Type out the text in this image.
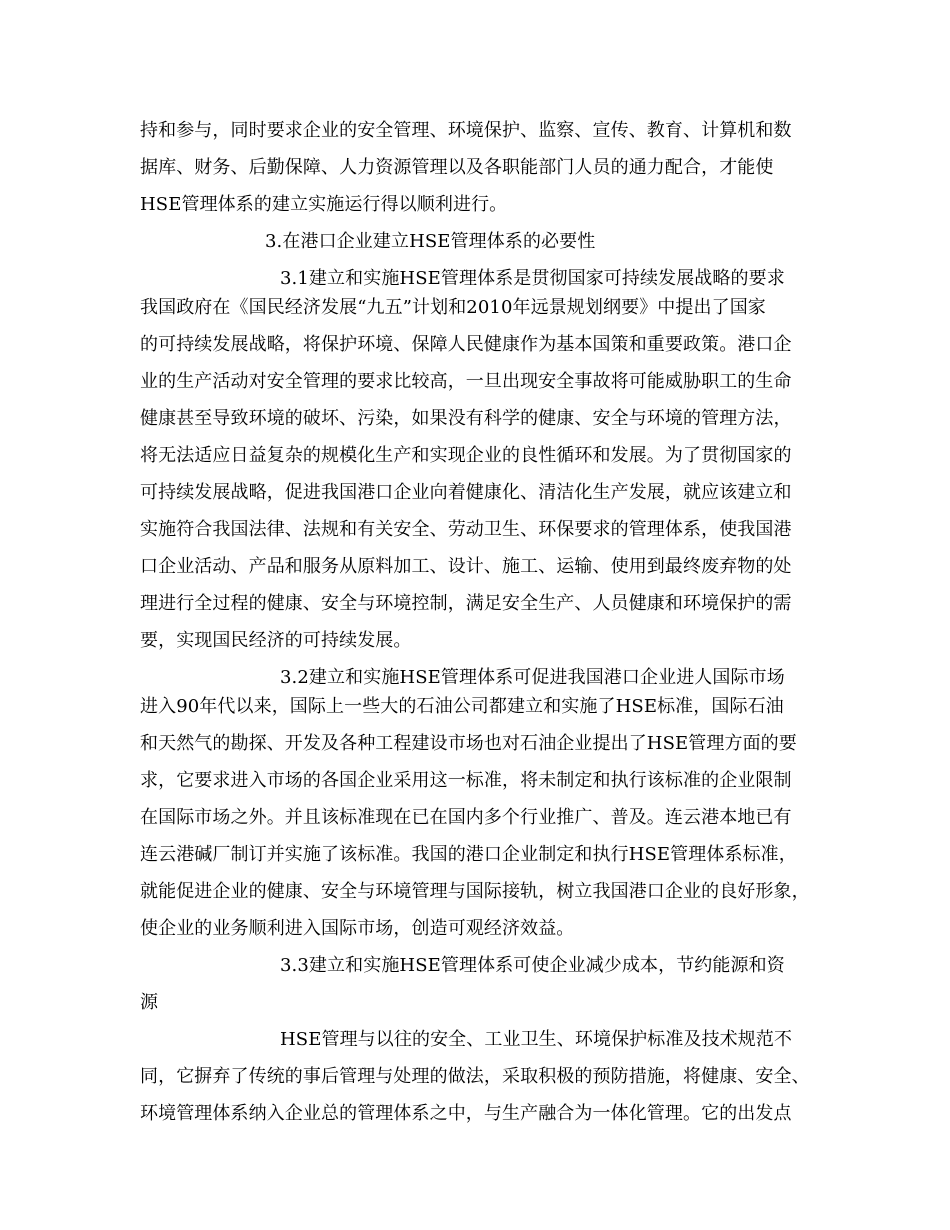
持和参与，同时要求企业的安全管理、环境保护、监察、宣传、教育、计算机和数
据库、财务、后勤保障、人力资源管理以及各职能部门人员的通力配合，才能使
HSE管理体系的建立实施运行得以顺利进行。
3.在港口企业建立HSE管理体系的必要性
3.1建立和实施HSE管理体系是贯彻国家可持续发展战略的要求
我国政府在《国民经济发展“九五”计划和2010年远景规划纲要》中提出了国家
的可持续发展战略，将保护环境、保障人民健康作为基本国策和重要政策。港口企
业的生产活动对安全管理的要求比较高，一旦出现安全事故将可能威胁职工的生命
健康甚至导致环境的破坏、污染，如果没有科学的健康、安全与环境的管理方法，
将无法适应日益复杂的规模化生产和实现企业的良性循环和发展。为了贯彻国家的
可持续发展战略，促进我国港口企业向着健康化、清洁化生产发展，就应该建立和
实施符合我国法律、法规和有关安全、劳动卫生、环保要求的管理体系，使我国港
口企业活动、产品和服务从原料加工、设计、施工、运输、使用到最终废弃物的处
理进行全过程的健康、安全与环境控制，满足安全生产、人员健康和环境保护的需
要，实现国民经济的可持续发展。
3.2建立和实施HSE管理体系可促进我国港口企业进人国际市场
进入90年代以来，国际上一些大的石油公司都建立和实施了HSE标准，国际石油
和天然气的勘探、开发及各种工程建设市场也对石油企业提出了HSE管理方面的要
求，它要求进入市场的各国企业采用这一标准，将未制定和执行该标准的企业限制
在国际市场之外。并且该标准现在已在国内多个行业推广、普及。连云港本地已有
连云港碱厂制订并实施了该标准。我国的港口企业制定和执行HSE管理体系标准，
就能促进企业的健康、安全与环境管理与国际接轨，树立我国港口企业的良好形象，
使企业的业务顺利进入国际市场，创造可观经济效益。
3.3建立和实施HSE管理体系可使企业减少成本，节约能源和资
源
HSE管理与以往的安全、工业卫生、环境保护标准及技术规范不
同，它摒弃了传统的事后管理与处理的做法，采取积极的预防措施，将健康、安全、
环境管理体系纳入企业总的管理体系之中，与生产融合为一体化管理。它的出发点
